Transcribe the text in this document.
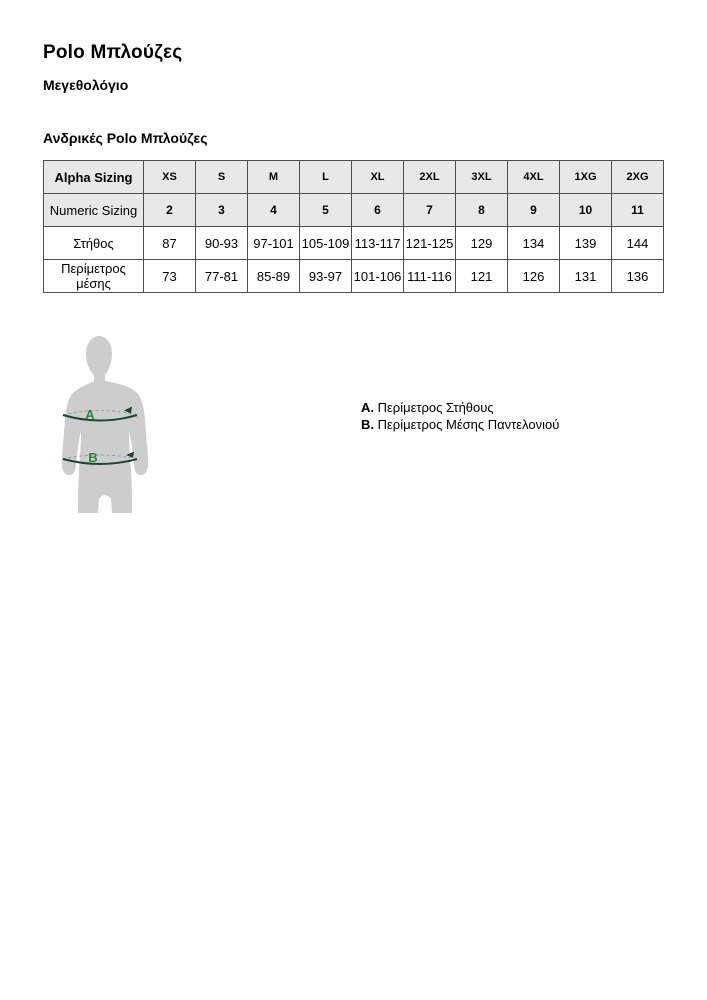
Polo Μπλούζες
Μεγεθολόγιο
Ανδρικές Polo Μπλούζες
Alpha Sizing	XS	S	M	L	XL	2XL	3XL	4XL	1XG	2XG
Numeric Sizing	2	3	4	5	6	7	8	9	10	11
Στήθος	87	90-93	97-101	105-109	113-117	121-125	129	134	139	144
Περίμετρος μέσης	73	77-81	85-89	93-97	101-106	111-116	121	126	131	136
A
B
Α. Περίμετρος Στήθους
Β. Περίμετρος Μέσης Παντελονιού
